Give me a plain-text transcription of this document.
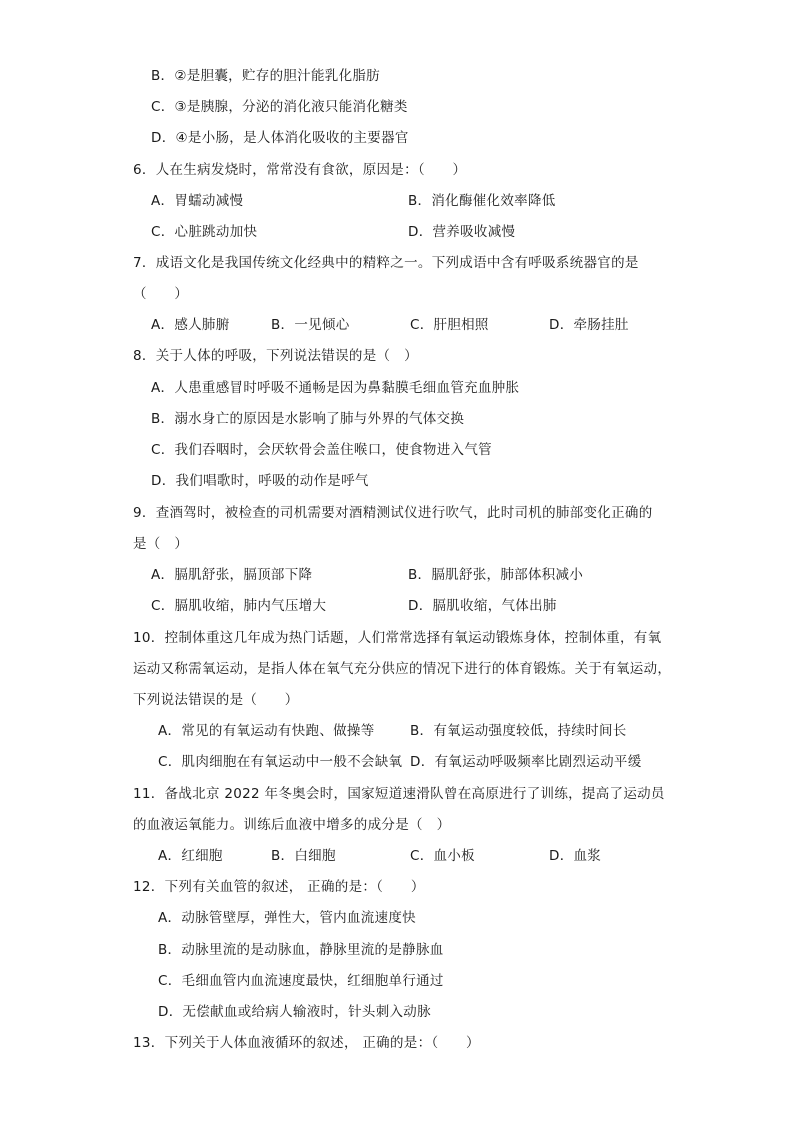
B．②是胆囊，贮存的胆汁能乳化脂肪
C．③是胰腺，分泌的消化液只能消化糖类
D．④是小肠，是人体消化吸收的主要器官
6．人在生病发烧时，常常没有食欲，原因是：（　　）
A．胃蠕动减慢	B．消化酶催化效率降低
C．心脏跳动加快	D．营养吸收减慢
7．成语文化是我国传统文化经典中的精粹之一。下列成语中含有呼吸系统器官的是
（　　）
A．感人肺腑	B．一见倾心	C．肝胆相照	D．牵肠挂肚
8．关于人体的呼吸，下列说法错误的是（　）
A．人患重感冒时呼吸不通畅是因为鼻黏膜毛细血管充血肿胀
B．溺水身亡的原因是水影响了肺与外界的气体交换
C．我们吞咽时，会厌软骨会盖住喉口，使食物进入气管
D．我们唱歌时，呼吸的动作是呼气
9．查酒驾时，被检查的司机需要对酒精测试仪进行吹气，此时司机的肺部变化正确的
是（　）
A．膈肌舒张，膈顶部下降	B．膈肌舒张，肺部体积减小
C．膈肌收缩，肺内气压增大	D．膈肌收缩，气体出肺
10．控制体重这几年成为热门话题，人们常常选择有氧运动锻炼身体，控制体重，有氧
运动又称需氧运动，是指人体在氧气充分供应的情况下进行的体育锻炼。关于有氧运动，
下列说法错误的是（　　）
A．常见的有氧运动有快跑、做操等	B．有氧运动强度较低，持续时间长
C．肌肉细胞在有氧运动中一般不会缺氧 D．有氧运动呼吸频率比剧烈运动平缓
11．备战北京 2022 年冬奥会时，国家短道速滑队曾在高原进行了训练，提高了运动员
的血液运氧能力。训练后血液中增多的成分是（　）
A．红细胞	B．白细胞	C．血小板	D．血浆
12．下列有关血管的叙述， 正确的是：（　　）
A．动脉管壁厚，弹性大，管内血流速度快
B．动脉里流的是动脉血，静脉里流的是静脉血
C．毛细血管内血流速度最快，红细胞单行通过
D．无偿献血或给病人输液时，针头刺入动脉
13．下列关于人体血液循环的叙述， 正确的是：（　　）
